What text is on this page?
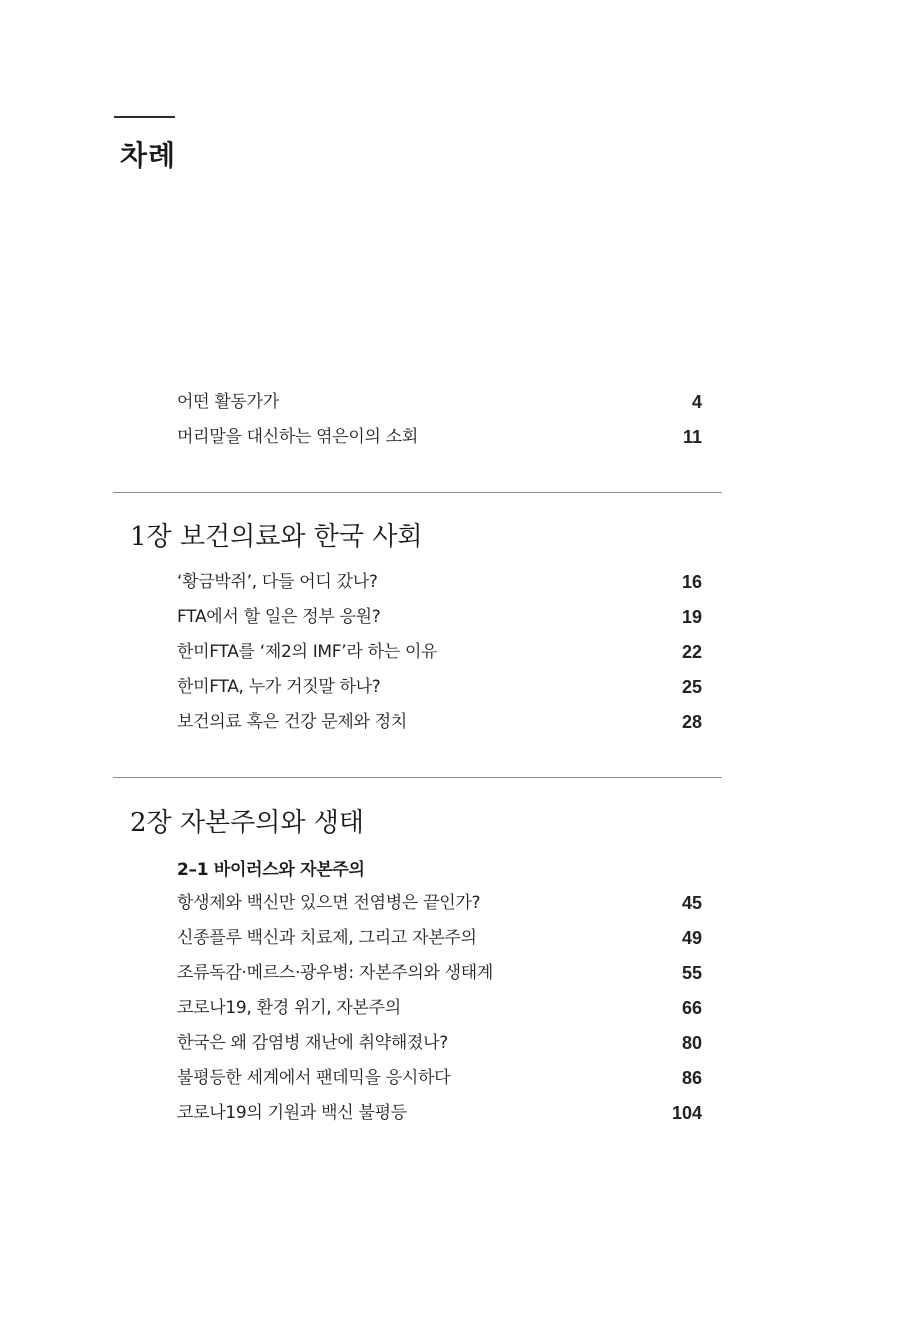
차례
어떤 활동가가	4
머리말을 대신하는 엮은이의 소회	11
1장 보건의료와 한국 사회
‘황금박쥐’, 다들 어디 갔나?	16
FTA에서 할 일은 정부 응원?	19
한미FTA를 ‘제2의 IMF’라 하는 이유	22
한미FTA, 누가 거짓말 하나?	25
보건의료 혹은 건강 문제와 정치	28
2장 자본주의와 생태
2–1 바이러스와 자본주의
항생제와 백신만 있으면 전염병은 끝인가?	45
신종플루 백신과 치료제, 그리고 자본주의	49
조류독감·메르스·광우병: 자본주의와 생태계	55
코로나19, 환경 위기, 자본주의	66
한국은 왜 감염병 재난에 취약해졌나?	80
불평등한 세계에서 팬데믹을 응시하다	86
코로나19의 기원과 백신 불평등	104
